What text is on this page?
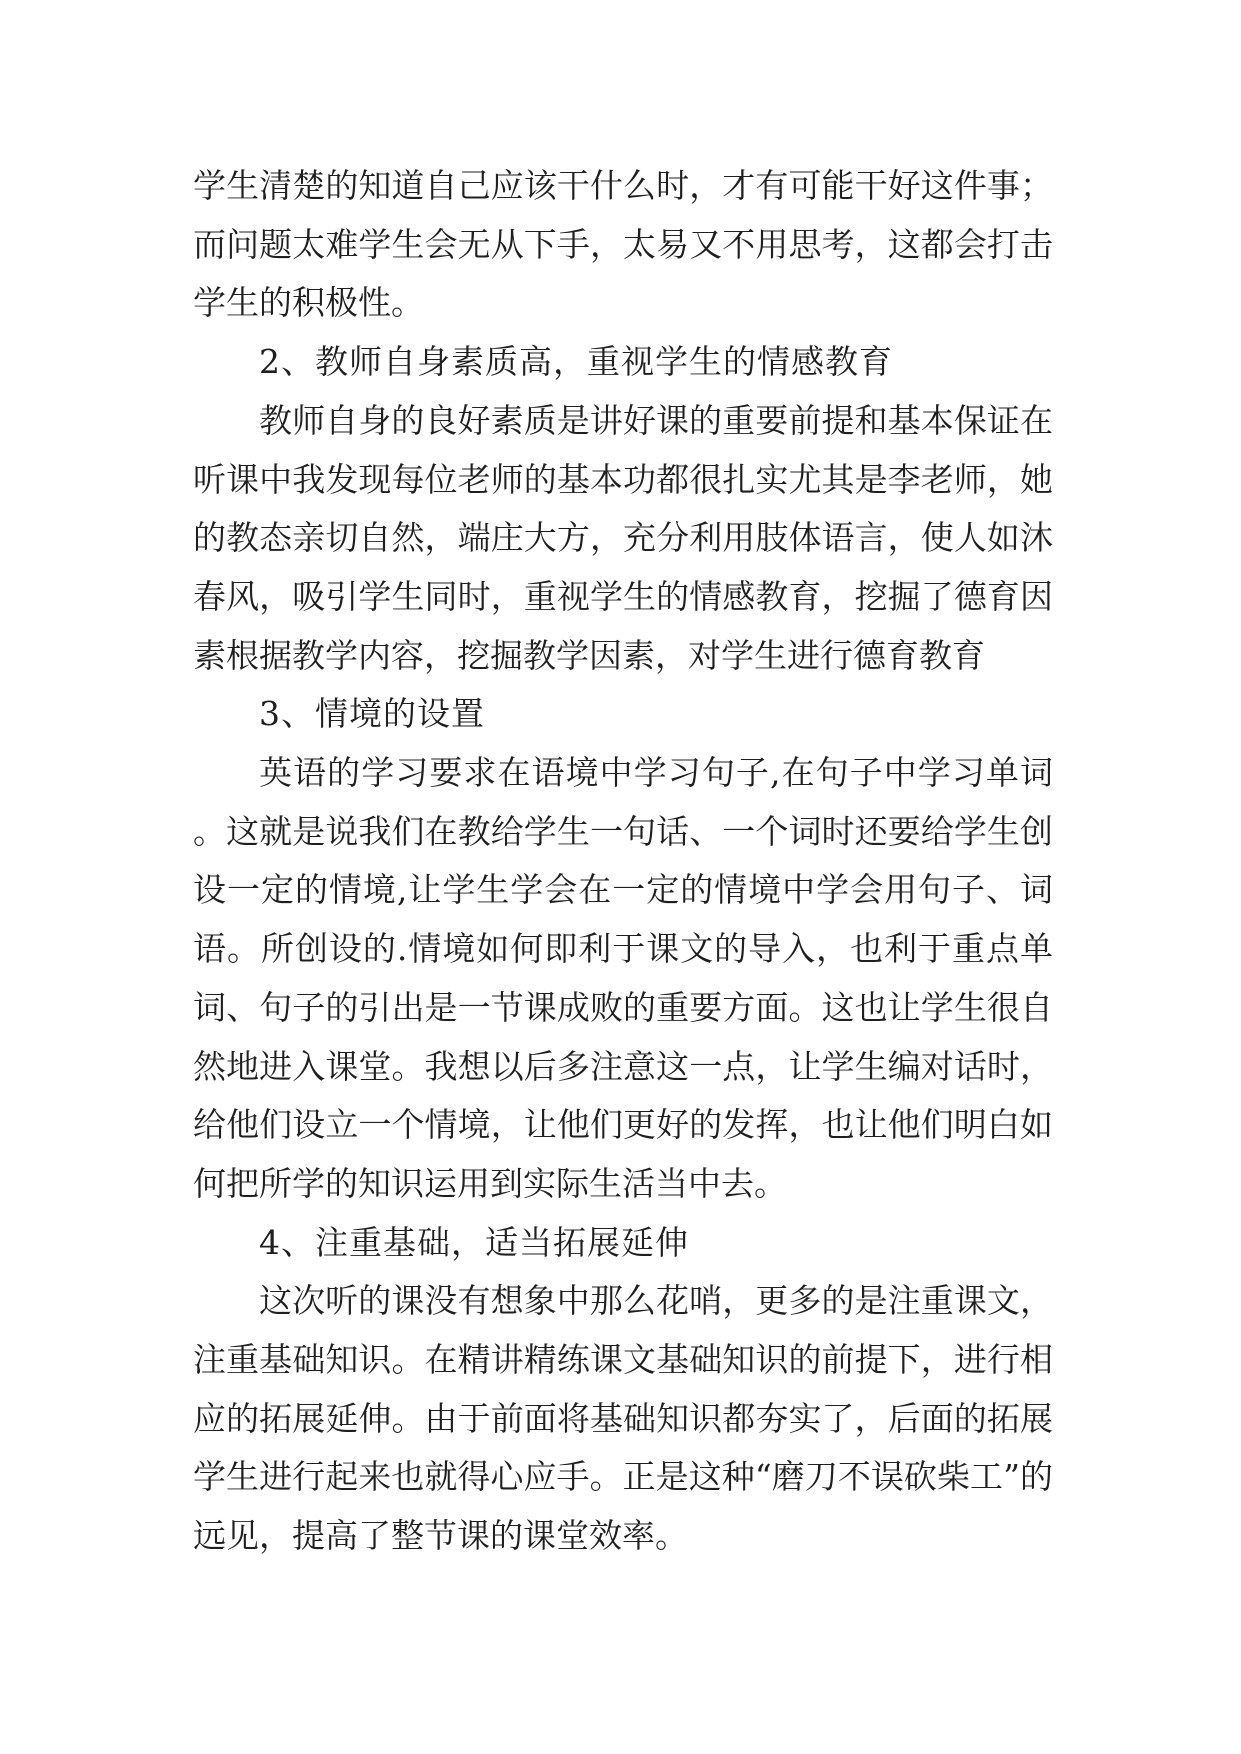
学生清楚的知道自己应该干什么时，才有可能干好这件事；而问题太难学生会无从下手，太易又不用思考，这都会打击学生的积极性。

2、教师自身素质高，重视学生的情感教育

教师自身的良好素质是讲好课的重要前提和基本保证在听课中我发现每位老师的基本功都很扎实尤其是李老师，她的教态亲切自然，端庄大方，充分利用肢体语言，使人如沐春风，吸引学生同时，重视学生的情感教育，挖掘了德育因素根据教学内容，挖掘教学因素，对学生进行德育教育

3、情境的设置

英语的学习要求在语境中学习句子,在句子中学习单词。这就是说我们在教给学生一句话、一个词时还要给学生创设一定的情境,让学生学会在一定的情境中学会用句子、词语。所创设的.情境如何即利于课文的导入，也利于重点单词、句子的引出是一节课成败的重要方面。这也让学生很自然地进入课堂。我想以后多注意这一点，让学生编对话时，给他们设立一个情境，让他们更好的发挥，也让他们明白如何把所学的知识运用到实际生活当中去。

4、注重基础，适当拓展延伸

这次听的课没有想象中那么花哨，更多的是注重课文，注重基础知识。在精讲精练课文基础知识的前提下，进行相应的拓展延伸。由于前面将基础知识都夯实了，后面的拓展学生进行起来也就得心应手。正是这种“磨刀不误砍柴工”的远见，提高了整节课的课堂效率。
